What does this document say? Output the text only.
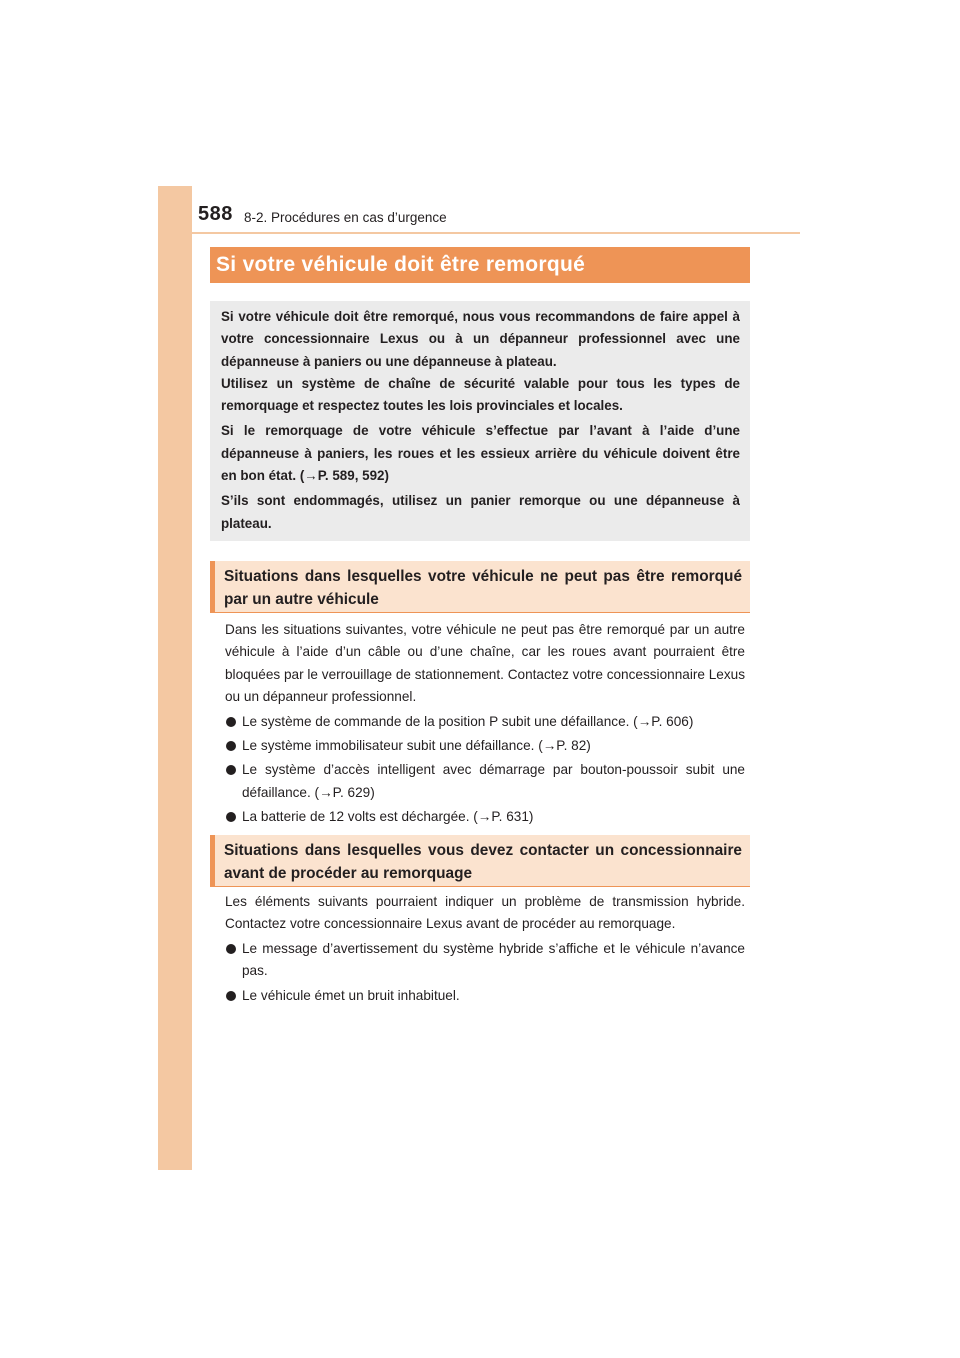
588 8-2. Procédures en cas d’urgence
Si votre véhicule doit être remorqué

Si votre véhicule doit être remorqué, nous vous recommandons de faire appel à votre concessionnaire Lexus ou à un dépanneur professionnel avec une dépanneuse à paniers ou une dépanneuse à plateau.

Utilisez un système de chaîne de sécurité valable pour tous les types de remorquage et respectez toutes les lois provinciales et locales.

Si le remorquage de votre véhicule s’effectue par l’avant à l’aide d’une dépanneuse à paniers, les roues et les essieux arrière du véhicule doivent être en bon état. (→P. 589, 592)

S’ils sont endommagés, utilisez un panier remorque ou une dépanneuse à plateau.

Situations dans lesquelles votre véhicule ne peut pas être remorqué par un autre véhicule

Dans les situations suivantes, votre véhicule ne peut pas être remorqué par un autre véhicule à l’aide d’un câble ou d’une chaîne, car les roues avant pourraient être bloquées par le verrouillage de stationnement. Contactez votre concessionnaire Lexus ou un dépanneur professionnel.

Le système de commande de la position P subit une défaillance. (→P. 606)
Le système immobilisateur subit une défaillance. (→P. 82)
Le système d’accès intelligent avec démarrage par bouton-poussoir subit une défaillance. (→P. 629)
La batterie de 12 volts est déchargée. (→P. 631)
Situations dans lesquelles vous devez contacter un concessionnaire avant de procéder au remorquage

Les éléments suivants pourraient indiquer un problème de transmission hybride. Contactez votre concessionnaire Lexus avant de procéder au remorquage.

Le message d’avertissement du système hybride s’affiche et le véhicule n’avance pas.
Le véhicule émet un bruit inhabituel.
